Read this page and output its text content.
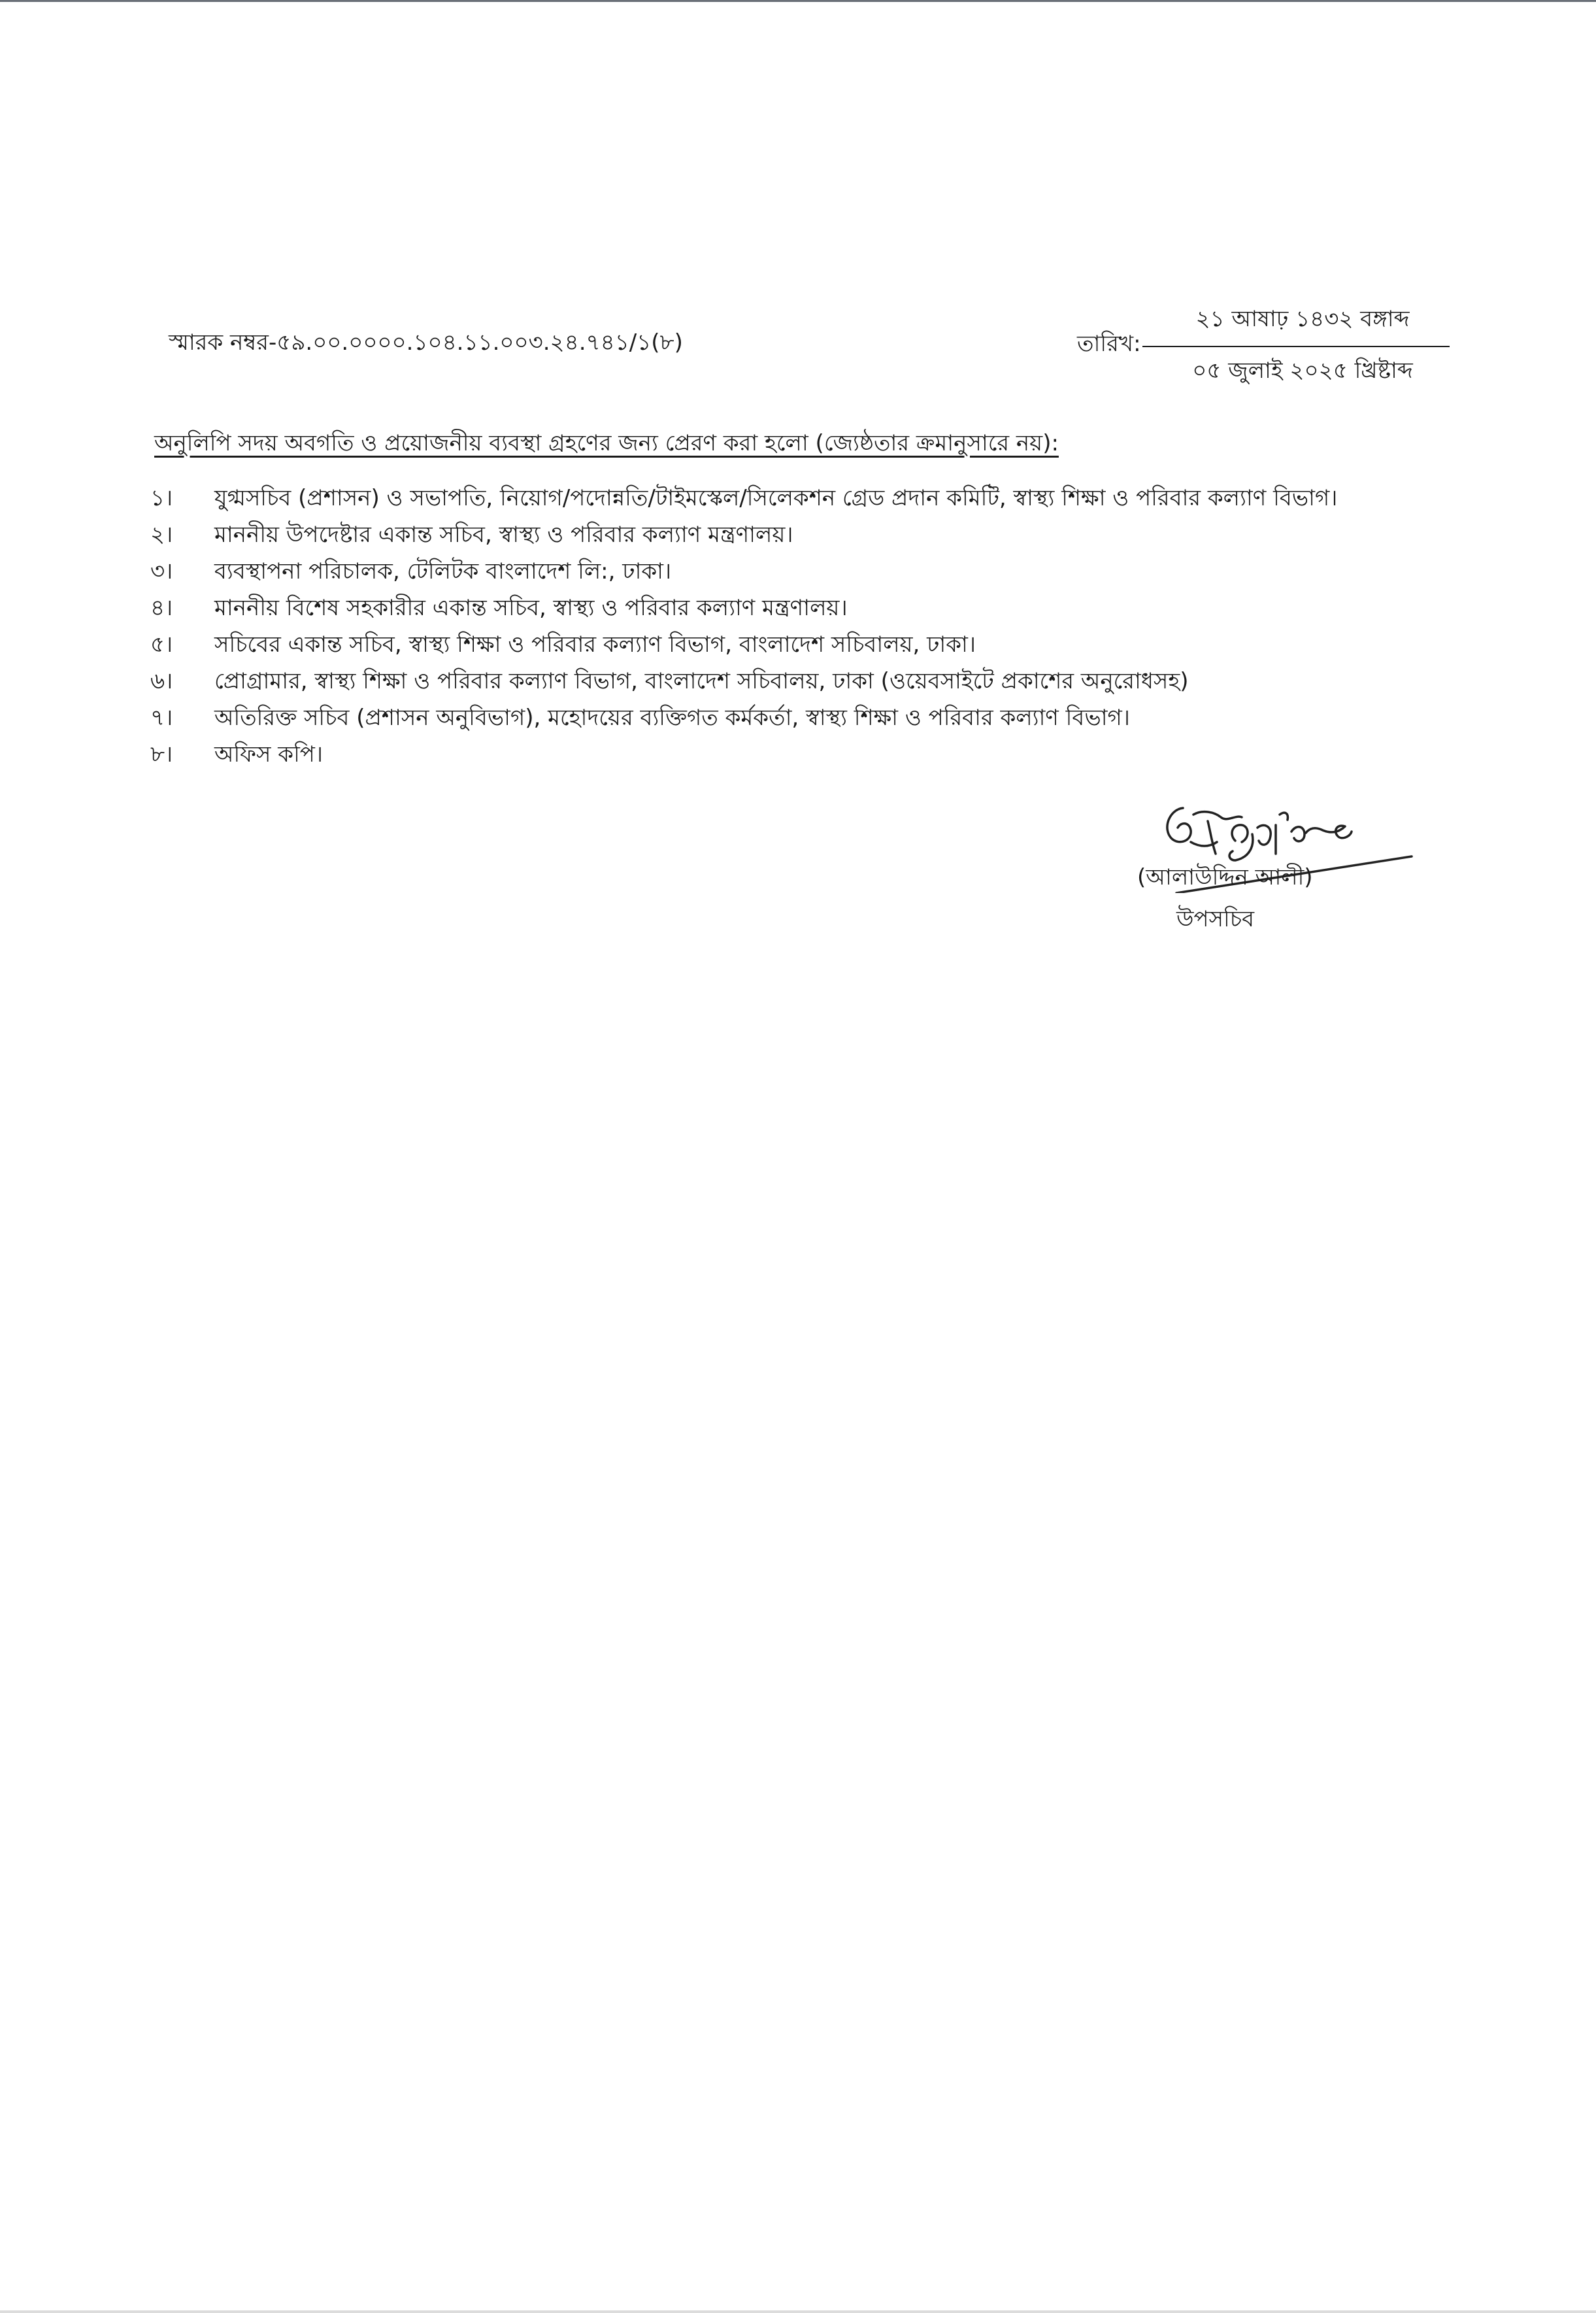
স্মারক নম্বর-৫৯.০০.০০০০.১০৪.১১.০০৩.২৪.৭৪১/১(৮)	তারিখ:
২১ আষাঢ় ১৪৩২ বঙ্গাব্দ
০৫ জুলাই ২০২৫ খ্রিষ্টাব্দ
অনুলিপি সদয় অবগতি ও প্রয়োজনীয় ব্যবস্থা গ্রহণের জন্য প্রেরণ করা হলো (জ্যেষ্ঠতার ক্রমানুসারে নয়):
১। যুগ্মসচিব (প্রশাসন) ও সভাপতি, নিয়োগ/পদোন্নতি/টাইমস্কেল/সিলেকশন গ্রেড প্রদান কমিটি, স্বাস্থ্য শিক্ষা ও পরিবার কল্যাণ বিভাগ।
২। মাননীয় উপদেষ্টার একান্ত সচিব, স্বাস্থ্য ও পরিবার কল্যাণ মন্ত্রণালয়।
৩। ব্যবস্থাপনা পরিচালক, টেলিটক বাংলাদেশ লি:, ঢাকা।
৪। মাননীয় বিশেষ সহকারীর একান্ত সচিব, স্বাস্থ্য ও পরিবার কল্যাণ মন্ত্রণালয়।
৫। সচিবের একান্ত সচিব, স্বাস্থ্য শিক্ষা ও পরিবার কল্যাণ বিভাগ, বাংলাদেশ সচিবালয়, ঢাকা।
৬। প্রোগ্রামার, স্বাস্থ্য শিক্ষা ও পরিবার কল্যাণ বিভাগ, বাংলাদেশ সচিবালয়, ঢাকা (ওয়েবসাইটে প্রকাশের অনুরোধসহ)
৭। অতিরিক্ত সচিব (প্রশাসন অনুবিভাগ), মহোদয়ের ব্যক্তিগত কর্মকর্তা, স্বাস্থ্য শিক্ষা ও পরিবার কল্যাণ বিভাগ।
৮। অফিস কপি।
(আলাউদ্দিন আলী)
উপসচিব
